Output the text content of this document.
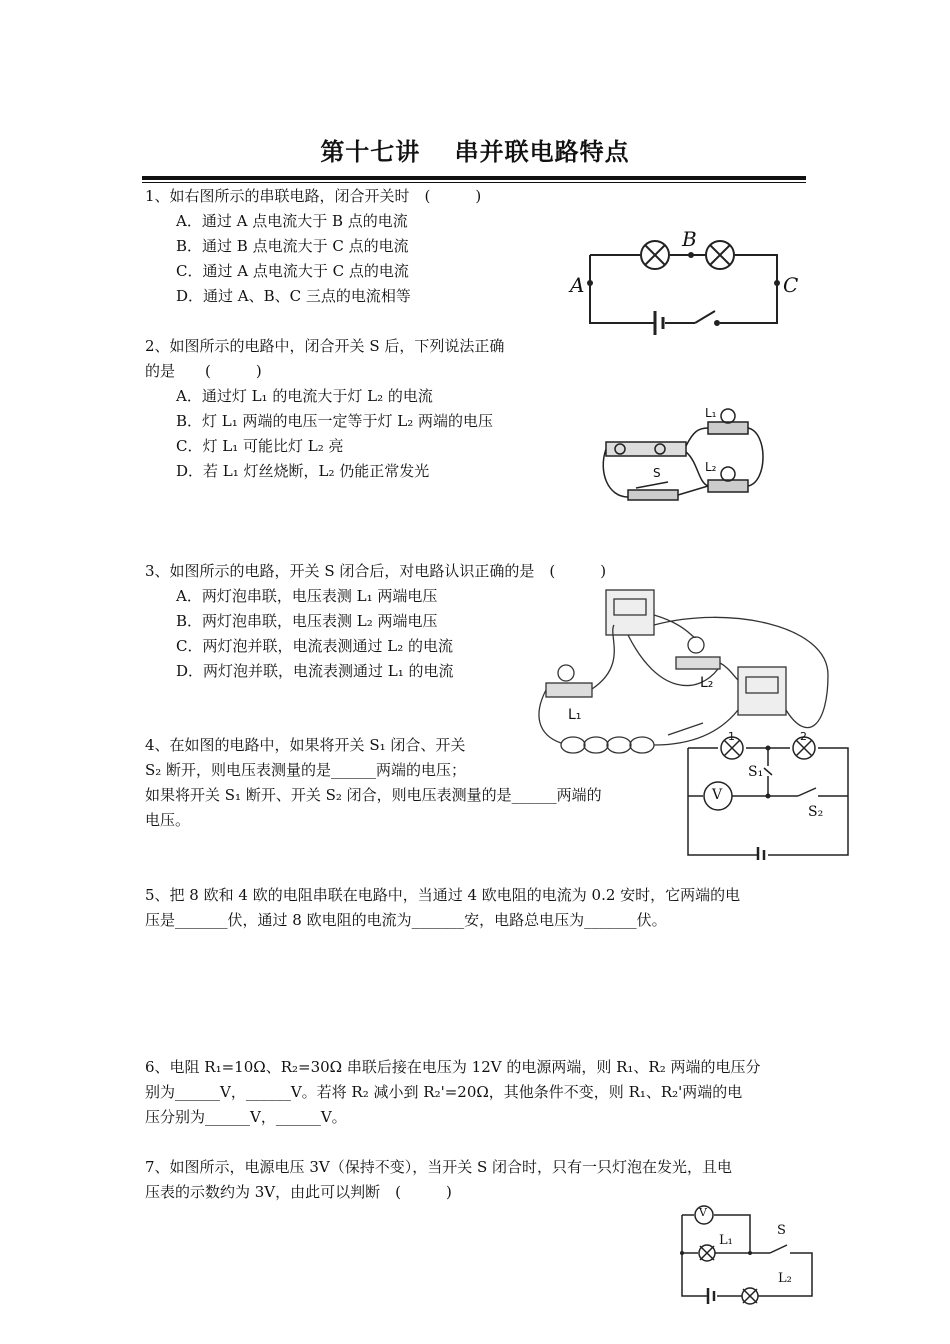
第十七讲　 串并联电路特点
1、如右图所示的串联电路，闭合开关时　(　　　)
A．通过 A 点电流大于 B 点的电流
B．通过 B 点电流大于 C 点的电流
C．通过 A 点电流大于 C 点的电流
D．通过 A、B、C 三点的电流相等	A
B
C
2、如图所示的电路中，闭合开关 S 后，下列说法正确
的是　　(　　　)
A．通过灯 L₁ 的电流大于灯 L₂ 的电流
B．灯 L₁ 两端的电压一定等于灯 L₂ 两端的电压
C．灯 L₁ 可能比灯 L₂ 亮
D．若 L₁ 灯丝烧断，L₂ 仍能正常发光
L₁
L₂
S
3、如图所示的电路，开关 S 闭合后，对电路认识正确的是　(　　　)
A．两灯泡串联，电压表测 L₁ 两端电压
B．两灯泡串联，电压表测 L₂ 两端电压
C．两灯泡并联，电流表测通过 L₂ 的电流
D．两灯泡并联，电流表测通过 L₁ 的电流
L₁
L₂
4、在如图的电路中，如果将开关 S₁ 闭合、开关
S₂ 断开，则电压表测量的是______两端的电压；
如果将开关 S₁ 断开、开关 S₂ 闭合，则电压表测量的是______两端的
电压。
1	2
S₁
S₂
V
5、把 8 欧和 4 欧的电阻串联在电路中，当通过 4 欧电阻的电流为 0.2 安时，它两端的电
压是_______伏，通过 8 欧电阻的电流为_______安，电路总电压为_______伏。
6、电阻 R₁=10Ω、R₂=30Ω 串联后接在电压为 12V 的电源两端，则 R₁、R₂ 两端的电压分
别为______V，______V。若将 R₂ 减小到 R₂'=20Ω，其他条件不变，则 R₁、R₂'两端的电
压分别为______V，______V。
7、如图所示，电源电压 3V（保持不变），当开关 S 闭合时，只有一只灯泡在发光，且电
压表的示数约为 3V，由此可以判断　(　　　)
V
L₁
S
L₂
